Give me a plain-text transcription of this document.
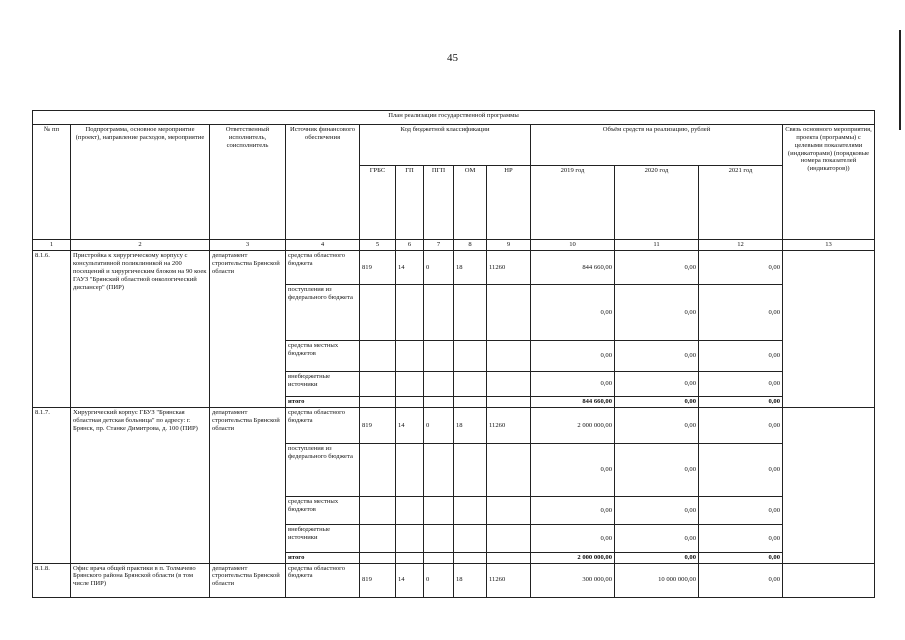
45
План реализации государственной программы												
№ пп	Подпрограмма, основное мероприятие (проект), направление расходов, мероприятие	Ответственный исполнитель, соисполнитель	Источник финансового обеспечения	Код бюджетной классификации					Объём средств на реализацию, рублей			Связь основного мероприятия, проекта (программы) с целевыми показателями (индикаторами) (порядковые номера показателей (индикаторов))
				ГРБС	ГП	ПГП	ОМ	НР	2019 год	2020 год	2021 год	
1	2	3	4	5	6	7	8	9	10	11	12	13
8.1.6.	Пристройка к хирургическому корпусу с консультативной поликлиникой на 200 посещений и хирургическим блоком на 90 коек ГАУЗ "Брянский областной онкологический диспансер" (ПИР)	департамент строительства Брянской области	средства областного бюджета	819	14	0	18	11260	844 660,00	0,00	0,00	
			поступления из федерального бюджета						0,00	0,00	0,00	
			средства местных бюджетов						0,00	0,00	0,00	
			внебюджетные источники						0,00	0,00	0,00	
			итого						844 660,00	0,00	0,00	
8.1.7.	Хирургический корпус ГБУЗ "Брянская областная детская больница" по адресу: г. Брянск, пр. Станке Димитрова, д. 100 (ПИР)	департамент строительства Брянской области	средства областного бюджета	819	14	0	18	11260	2 000 000,00	0,00	0,00	
			поступления из федерального бюджета						0,00	0,00	0,00	
			средства местных бюджетов						0,00	0,00	0,00	
			внебюджетные источники						0,00	0,00	0,00	
			итого						2 000 000,00	0,00	0,00	
8.1.8.	Офис врача общей практики в п. Толмачево Брянского района Брянской области (в том числе ПИР)	департамент строительства Брянской области	средства областного бюджета	819	14	0	18	11260	300 000,00	10 000 000,00	0,00	
